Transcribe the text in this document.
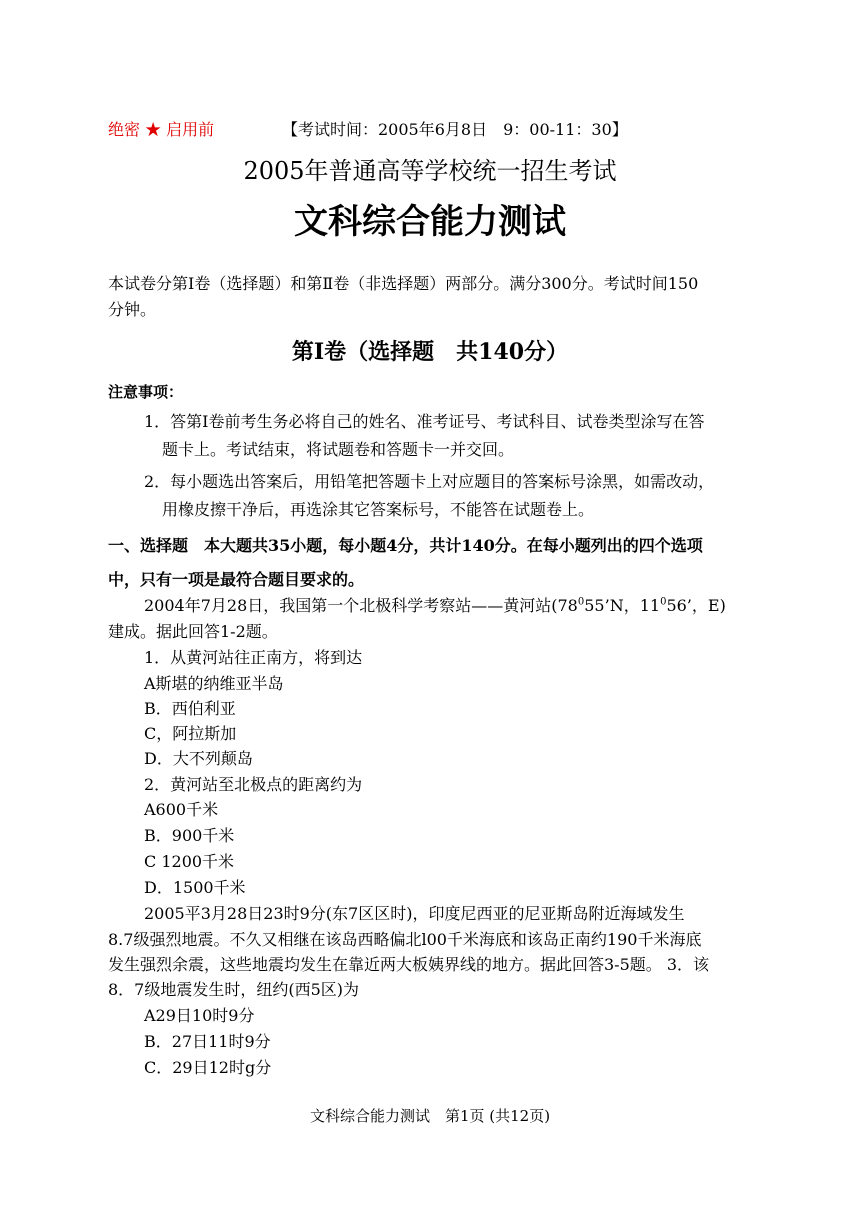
绝密 ★ 启用前	【考试时间：2005年6月8日　9：00-11：30】
2005年普通高等学校统一招生考试
文科综合能力测试
本试卷分第Ⅰ卷（选择题）和第Ⅱ卷（非选择题）两部分。满分300分。考试时间150
分钟。
第Ⅰ卷（选择题　共140分）
注意事项：
1．答第Ⅰ卷前考生务必将自己的姓名、准考证号、考试科目、试卷类型涂写在答
题卡上。考试结束，将试题卷和答题卡一并交回。
2．每小题选出答案后，用铅笔把答题卡上对应题目的答案标号涂黑，如需改动，
用橡皮擦干净后，再选涂其它答案标号，不能答在试题卷上。
一、选择题　本大题共35小题，每小题4分，共计140分。在每小题列出的四个选项
中，只有一项是最符合题目要求的。
2004年7月28日，我国第一个北极科学考察站——黄河站($78^055’N$，$11^056$’，E)
建成。据此回答1-2题。
1．从黄河站往正南方，将到达
A斯堪的纳维亚半岛
B．西伯利亚
C，阿拉斯加
D．大不列颠岛
2．黄河站至北极点的距离约为
A600千米
B．900千米
C 1200千米
D．1500千米
2005平3月28日23时9分(东7区区时)，印度尼西亚的尼亚斯岛附近海域发生
8.7级强烈地震。不久又相继在该岛西略偏北l00千米海底和该岛正南约190千米海底
发生强烈余震，这些地震均发生在靠近两大板姨界线的地方。据此回答3-5题。 3．该
8．7级地震发生时，纽约(西5区)为
A29日10时9分
B．27日11时9分
C．29日12时g分
文科综合能力测试　第1页 (共12页)
